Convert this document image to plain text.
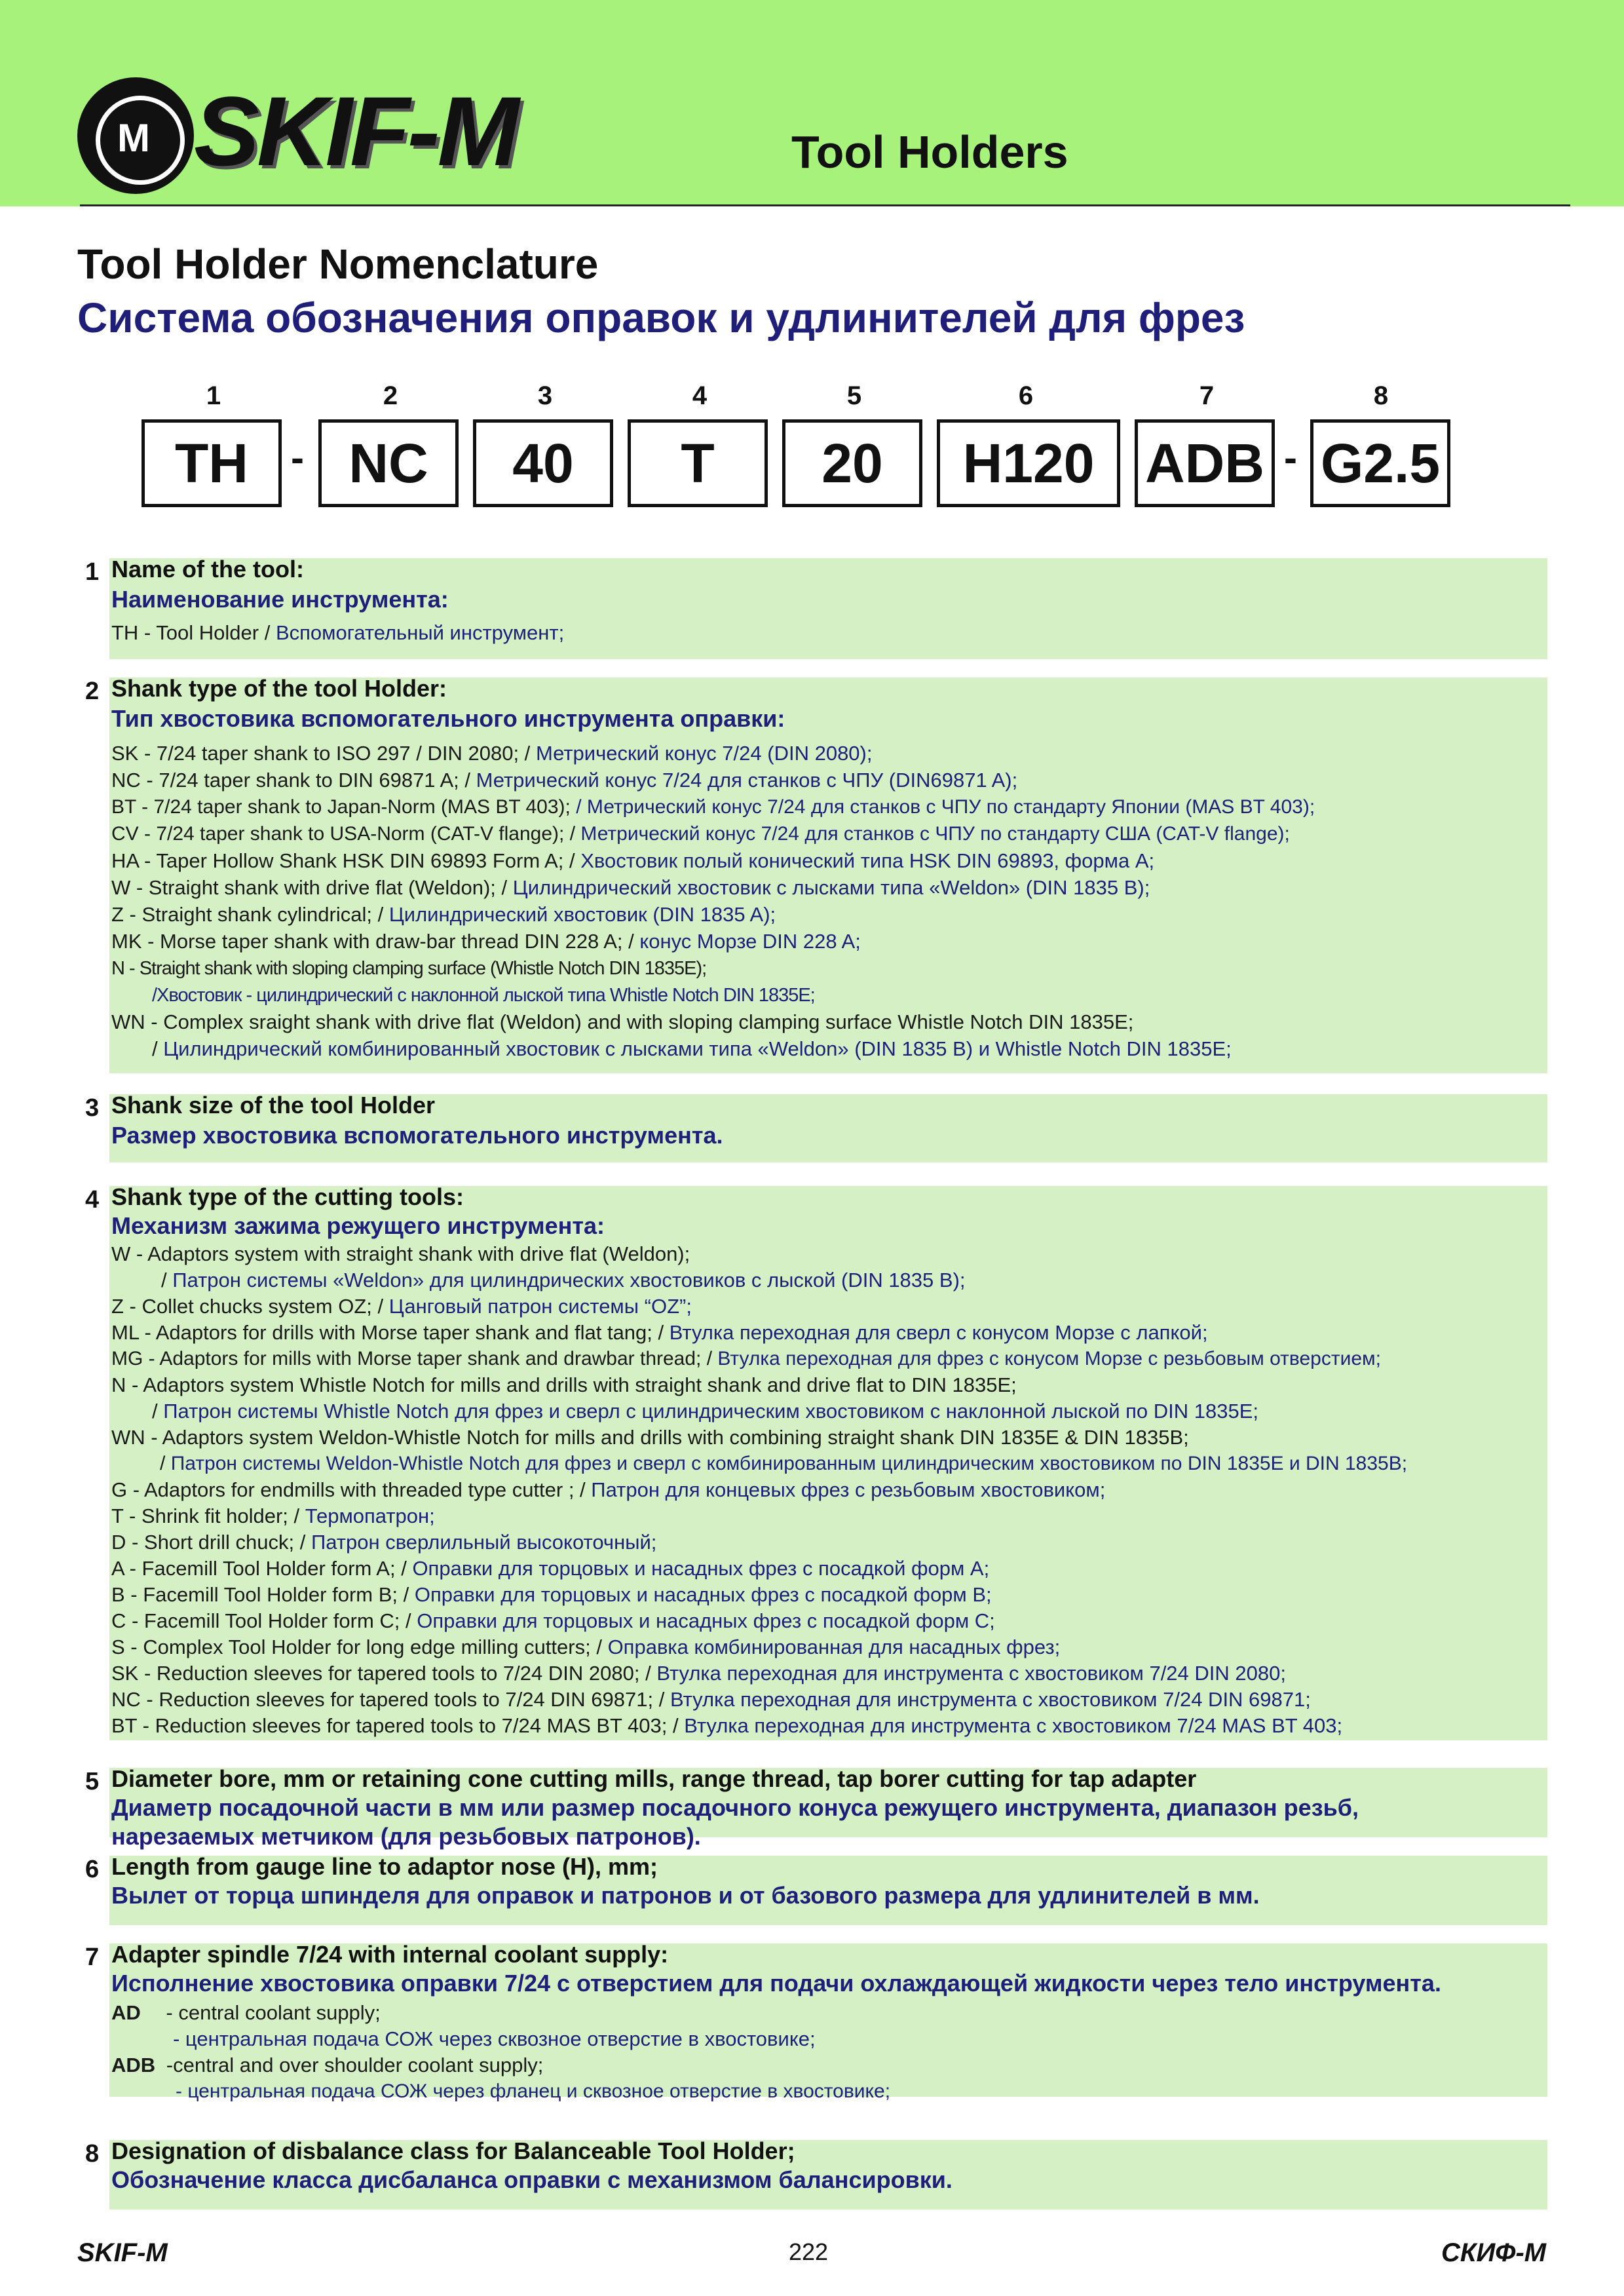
M SKIF-M	Tool Holders
Tool Holder Nomenclature
Система обозначения оправок и удлинителей для фрез
1	2	3	4	5	6	7	8
TH	- NC	40	T	20	H120 ADB - G2.5
1 Name of the tool:
Наименование инструмента:
TH - Tool Holder / Вспомогательный инструмент;
2 Shank type of the tool Holder:
Тип хвостовика вспомогательного инструмента оправки:
SK - 7/24 taper shank to ISO 297 / DIN 2080; / Метрический конус 7/24 (DIN 2080);
NC - 7/24 taper shank to DIN 69871 A; / Метрический конус 7/24 для станков с ЧПУ (DIN69871 A);
BT - 7/24 taper shank to Japan-Norm (MAS BT 403); / Метрический конус 7/24 для станков с ЧПУ по стандарту Японии (MAS BT 403);
CV - 7/24 taper shank to USA-Norm (CAT-V flange); / Метрический конус 7/24 для станков с ЧПУ по стандарту США (CAT-V flange);
HA - Taper Hollow Shank HSK DIN 69893 Form A; / Хвостовик полый конический типа HSK DIN 69893, форма А;
W - Straight shank with drive flat (Weldon); / Цилиндрический хвостовик с лысками типа «Weldon» (DIN 1835 B);
Z - Straight shank cylindrical; / Цилиндрический хвостовик (DIN 1835 A);
MK - Morse taper shank with draw-bar thread DIN 228 A; / конус Морзе DIN 228 A;
N - Straight shank with sloping clamping surface (Whistle Notch DIN 1835E);
/Хвостовик - цилиндрический с наклонной лыской типа Whistle Notch DIN 1835E;
WN - Complex sraight shank with drive flat (Weldon) and with sloping clamping surface Whistle Notch DIN 1835E;
/ Цилиндрический комбинированный хвостовик с лысками типа «Weldon» (DIN 1835 B) и Whistle Notch DIN 1835E;
3 Shank size of the tool Holder
Размер хвостовика вспомогательного инструмента.
4 Shank type of the cutting tools:
Механизм зажима режущего инструмента:
W - Adaptors system with straight shank with drive flat (Weldon);
/ Патрон системы «Weldon» для цилиндрических хвостовиков с лыской (DIN 1835 B);
Z - Collet chucks system OZ; / Цанговый патрон системы “OZ”;
ML - Adaptors for drills with Morse taper shank and flat tang; / Втулка переходная для сверл с конусом Морзе с лапкой;
MG - Adaptors for mills with Morse taper shank and drawbar thread; / Втулка переходная для фрез с конусом Морзе с резьбовым отверстием;
N - Adaptors system Whistle Notch for mills and drills with straight shank and drive flat to DIN 1835E;
/ Патрон системы Whistle Notch для фрез и сверл с цилиндрическим хвостовиком с наклонной лыской по DIN 1835E;
WN - Adaptors system Weldon-Whistle Notch for mills and drills with combining straight shank DIN 1835E & DIN 1835B;
/ Патрон системы Weldon-Whistle Notch для фрез и сверл с комбинированным цилиндрическим хвостовиком по DIN 1835E и DIN 1835B;
G - Adaptors for endmills with threaded type cutter ; / Патрон для концевых фрез с резьбовым хвостовиком;
T - Shrink fit holder; / Термопатрон;
D - Short drill chuck; / Патрон сверлильный высокоточный;
A - Facemill Tool Holder form A; / Оправки для торцовых и насадных фрез с посадкой форм А;
B - Facemill Tool Holder form B; / Оправки для торцовых и насадных фрез с посадкой форм В;
C - Facemill Tool Holder form C; / Оправки для торцовых и насадных фрез с посадкой форм С;
S - Complex Tool Holder for long edge milling cutters; / Оправка комбинированная для насадных фрез;
SK - Reduction sleeves for tapered tools to 7/24 DIN 2080; / Втулка переходная для инструмента с хвостовиком 7/24 DIN 2080;
NC - Reduction sleeves for tapered tools to 7/24 DIN 69871; / Втулка переходная для инструмента с хвостовиком 7/24 DIN 69871;
BT - Reduction sleeves for tapered tools to 7/24 MAS BT 403; / Втулка переходная для инструмента с хвостовиком 7/24 MAS BT 403;
5 Diameter bore, mm or retaining cone cutting mills, range thread, tap borer cutting for tap adapter
Диаметр посадочной части в мм или размер посадочного конуса режущего инструмента, диапазон резьб,
нарезаемых метчиком (для резьбовых патронов).
6 Length from gauge line to adaptor nose (H), mm;
Вылет от торца шпинделя для оправок и патронов и от базового размера для удлинителей в мм.
7 Adapter spindle 7/24 with internal coolant supply:
Исполнение хвостовика оправки 7/24 с отверстием для подачи охлаждающей жидкости через тело инструмента.
AD - central coolant supply;
- центральная подача СОЖ через сквозное отверстие в хвостовике;
ADB -central and over shoulder coolant supply;
- центральная подача СОЖ через фланец и сквозное отверстие в хвостовике;
8 Designation of disbalance class for Balanceable Tool Holder;
Обозначение класса дисбаланса оправки с механизмом балансировки.
SKIF-M	222	СКИФ-М
